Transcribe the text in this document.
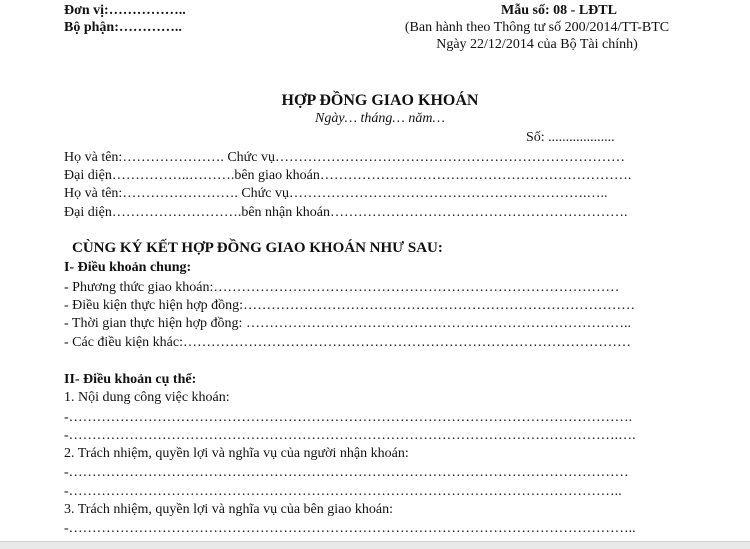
Đơn vị:……………..
Bộ phận:…………..
Mẫu số: 08 - LĐTL
(Ban hành theo Thông tư số 200/2014/TT-BTC
Ngày 22/12/2014 của Bộ Tài chính)
HỢP ĐỒNG GIAO KHOÁN
Ngày… tháng… năm…
Số: ...................
Họ và tên:…………………. Chức vụ…………………………………………………………………
Đại diện……………..……….bên giao khoán………………………………………………………….
Họ và tên:……………………. Chức vụ……………………………………………………….…..
Đại diện……………………….bên nhận khoán……………………………………………………….
CÙNG KÝ KẾT HỢP ĐỒNG GIAO KHOÁN NHƯ SAU:
I- Điều khoản chung:
- Phương thức giao khoán:……………………………………………………………………………
- Điều kiện thực hiện hợp đồng:…………………………………………………………………………
- Thời gian thực hiện hợp đồng: ………………………………………………………………………..
- Các điều kiện khác:……………………………………………………………………………………
II- Điều khoản cụ thể:
1. Nội dung công việc khoán:
-………………………………………………………………………………………………………….
-……………………………………………………………………………………………………….….
2. Trách nhiệm, quyền lợi và nghĩa vụ của người nhận khoán:
-…………………………………………………………………………………………………………
-………………………………………………………………………………………………………..
3. Trách nhiệm, quyền lợi và nghĩa vụ của bên giao khoán:
-…………………………………………………………………………………………………………..
